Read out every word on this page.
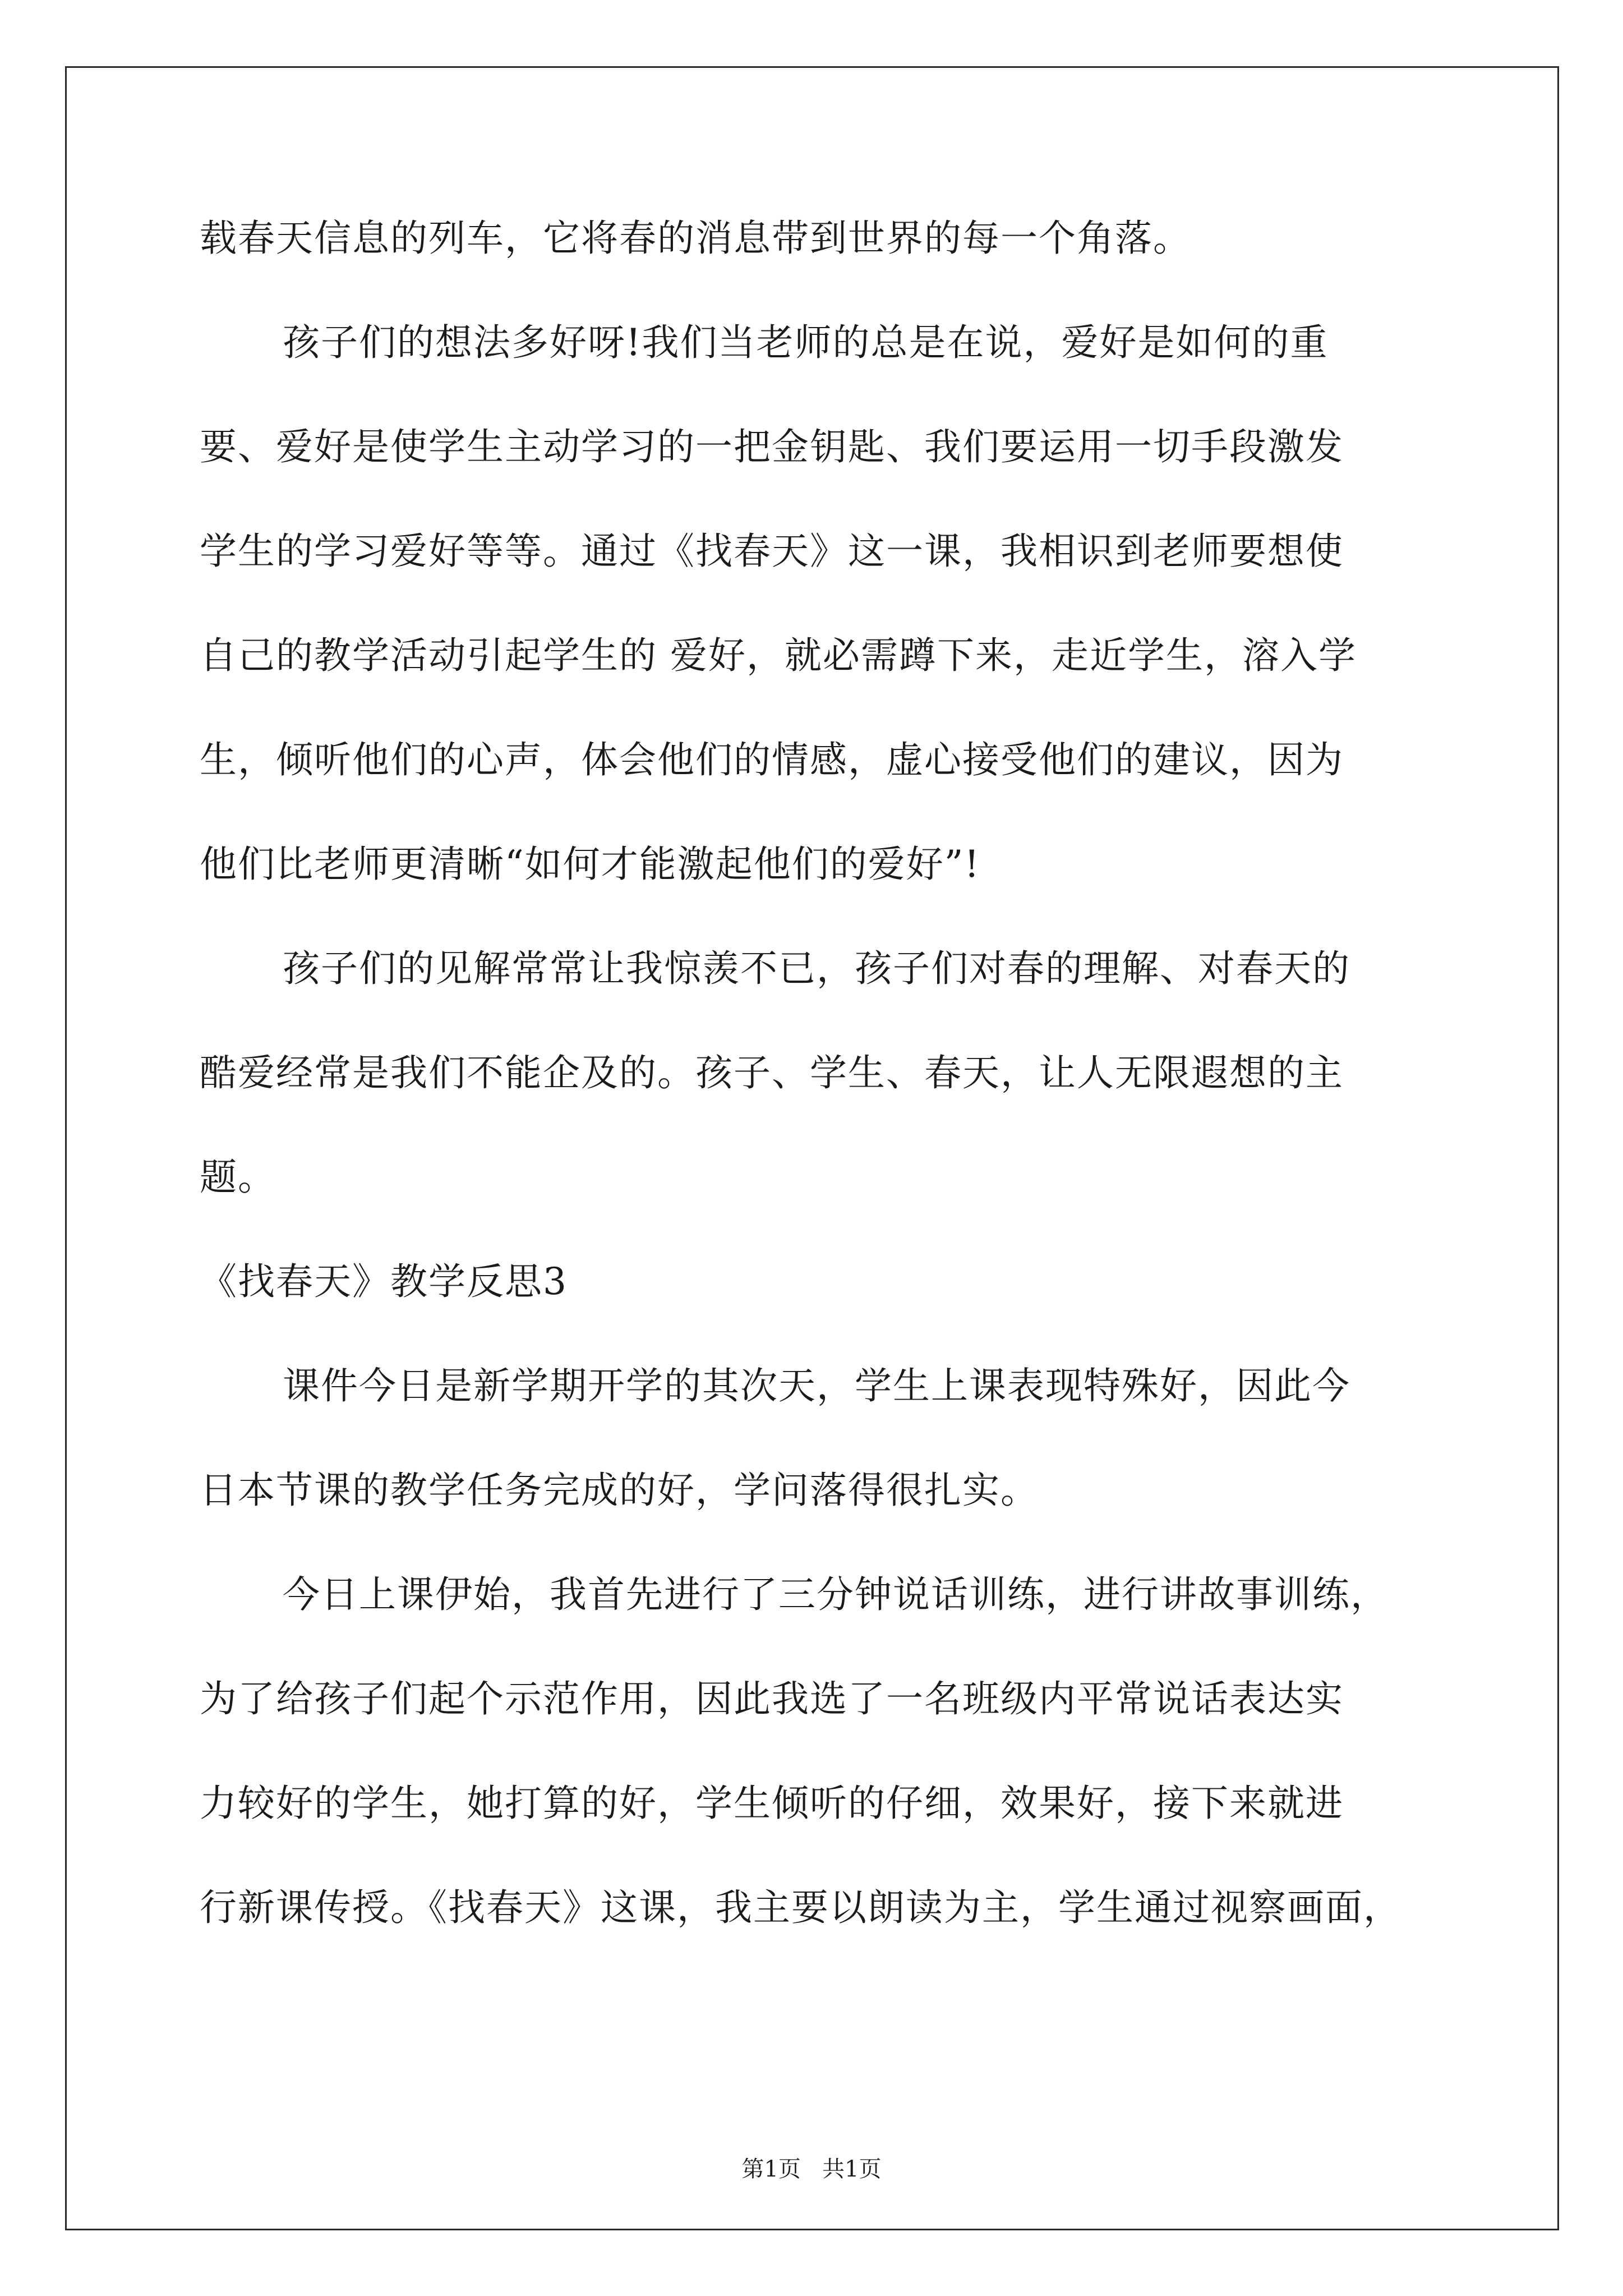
载春天信息的列车，它将春的消息带到世界的每一个角落。
孩子们的想法多好呀!我们当老师的总是在说，爱好是如何的重
要、爱好是使学生主动学习的一把金钥匙、我们要运用一切手段激发
学生的学习爱好等等。通过《找春天》这一课，我相识到老师要想使
自己的教学活动引起学生的 爱好，就必需蹲下来，走近学生，溶入学
生，倾听他们的心声，体会他们的情感，虚心接受他们的建议，因为
他们比老师更清晰“如何才能激起他们的爱好”!
孩子们的见解常常让我惊羡不已，孩子们对春的理解、对春天的
酷爱经常是我们不能企及的。孩子、学生、春天，让人无限遐想的主
题。
《找春天》教学反思3
课件今日是新学期开学的其次天，学生上课表现特殊好，因此今
日本节课的教学任务完成的好，学问落得很扎实。
今日上课伊始，我首先进行了三分钟说话训练，进行讲故事训练，
为了给孩子们起个示范作用，因此我选了一名班级内平常说话表达实
力较好的学生，她打算的好，学生倾听的仔细，效果好，接下来就进
行新课传授。《找春天》这课，我主要以朗读为主，学生通过视察画面，
第1页   共1页
